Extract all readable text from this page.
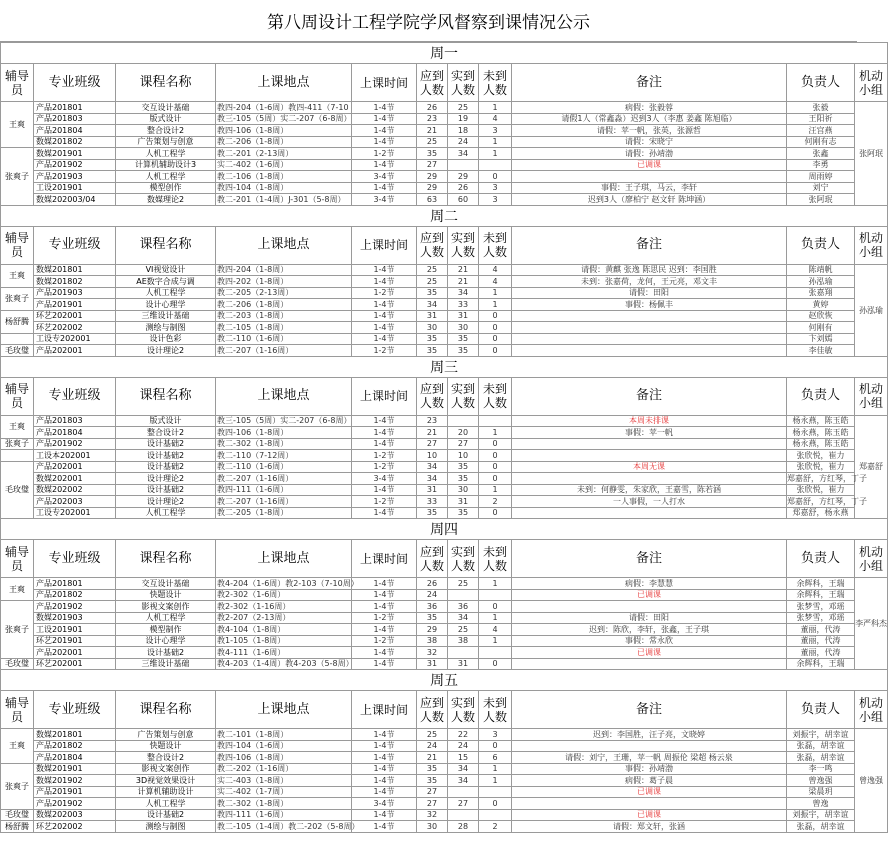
第八周设计工程学院学风督察到课情况公示
周一										
辅导员	专业班级	课程名称	上课地点	上课时间	应到人数	实到人数	未到人数	备注	负责人	机动小组
王爽	产品201801	交互设计基础	教四-204（1-6周）教四-411（7-10	1-4节	26	25	1	病假：张毅蓉	张毅	张阿珉
	产品201803	版式设计	教三-105（5周）实二-207（6-8周）	1-4节	23	19	4	请假1人（常鑫淼）迟到3人（李惠 姜鑫 陈旭临）	王阳祈	
	产品201804	整合设计2	教四-106（1-8周）	1-4节	21	18	3	请假：苹一帆，张英，张源哲	汪宫燕	
	数媒201802	广告策划与创意	教二-206（1-8周）	1-4节	25	24	1	请假：宋晓宁	何刚有志	
张爽子	数媒201901	人机工程学	教二-201（2-13周）	1-2节	35	34	1	请假：孙靖渤	张鑫	
	产品201902	计算机辅助设计3	实二-402（1-6周）	1-4节	27			已调课	李勇	
	产品201903	人机工程学	教二-106（1-8周）	3-4节	29	29	0		周雨婷	
	工设201901	模型创作	教四-104（1-8周）	1-4节	29	26	3	事假：王子琪，马云，李轩	刘宁	
	数媒202003/04	数媒理论2	教二-201（1-4周）J-301（5-8周）	3-4节	63	60	3	迟到3人（廖柏宁 赵文轩 陈坤涵）	张阿珉	
周二										
辅导员	专业班级	课程名称	上课地点	上课时间	应到人数	实到人数	未到人数	备注	负责人	机动小组
王爽	数媒201801	VI视觉设计	教四-204（1-8周）	1-4节	25	21	4	请假：黄麒 张逸 陈思民 迟到：李国胜	陈靖帆	孙泓瑜
	数媒201802	AE数字合成与调	教四-202（1-8周）	1-4节	25	21	4	未到：张嘉荷，龙何，王元亮，邓文丰	孙泓瑜	
张爽子	产品201903	人机工程学	教二-205（2-13周）	1-2节	35	34	1	请假：田阳	张嘉翔	
	产品201901	设计心理学	教二-206（1-8周）	1-4节	34	33	1	事假：杨佩丰	黄婷	
杨舒腾	环艺202001	三维设计基础	教二-203（1-8周）	1-4节	31	31	0		赵欣恢	
	环艺202002	测绘与制图	教二-105（1-8周）	1-4节	30	30	0		何刚有	
	工设专202001	设计色彩	教二-110（1-6周）	1-4节	35	35	0		卞刘嫣	
毛玫璧	产品202001	设计理论2	教二-207（1-16周）	1-2节	35	35	0		李佳敏	
周三										
辅导员	专业班级	课程名称	上课地点	上课时间	应到人数	实到人数	未到人数	备注	负责人	机动小组
王爽	产品201803	版式设计	教三-105（5周）实二-207（6-8周）	1-4节	23			本周未排课	杨永燕，陈玉皓	郑嘉舒
	产品201804	整合设计2	教四-106（1-8周）	1-4节	21	20	1	事假：苹一帆	杨永燕，陈玉皓	
张爽子	产品201902	设计基础2	教二-302（1-8周）	1-4节	27	27	0		杨永燕，陈玉皓	
	工设本202001	设计基础2	教二-110（7-12周）	1-2节	10	10	0		张欣悦，崔力	
毛玫璧	产品202001	设计基础2	教二-110（1-6周）	1-2节	34	35	0	本周无课	张欣悦，崔力	
	数媒202001	设计理论2	教二-207（1-16周）	3-4节	34	35	0		郑嘉舒，方红琴，丁子	
	数媒202002	设计基础2	教四-111（1-6周）	1-4节	31	30	1	未到：何静雯，朱家欣，王嘉雪，陈若涵	张欣悦，崔力	
	产品202003	设计理论2	教二-207（1-16周）	1-2节	33	31	2	一人事假，一人打水	郑嘉舒，方红琴，丁子	
	工设专202001	人机工程学	教二-205（1-8周）	1-4节	35	35	0		郑嘉舒，杨永燕	
周四										
辅导员	专业班级	课程名称	上课地点	上课时间	应到人数	实到人数	未到人数	备注	负责人	机动小组
王爽	产品201801	交互设计基础	教4-204（1-6周）教2-103（7-10周）	1-4节	26	25	1	病假：李慧慧	余辉科，王瑞	李严科杰
	产品201802	快题设计	教2-302（1-6周）	1-4节	24			已调课	余辉科，王瑞	
张爽子	产品201902	影视文案创作	教2-302（1-16周）	1-4节	36	36	0		张梦雪，邓瑶	
	数媒201903	人机工程学	教2-207（2-13周）	1-2节	35	34	1	请假：田阳	张梦雪，邓瑶	
	工设201901	模型制作	教4-104（1-8周）	1-4节	29	25	4	迟到：陈欣，李轩，张鑫，王子琪	董丽，代涛	
	环艺201901	设计心理学	教1-105（1-8周）	1-2节	38	38	1	事假：常永欣	董丽，代涛	
	产品202001	设计基础2	教4-111（1-6周）	1-4节	32			已调课	董丽，代涛	
毛玫璧	环艺202001	三维设计基础	教4-203（1-4周）教4-203（5-8周）	1-4节	31	31	0		余辉科，王瑞	
周五										
辅导员	专业班级	课程名称	上课地点	上课时间	应到人数	实到人数	未到人数	备注	负责人	机动小组
王爽	数媒201801	广告策划与创意	教二-101（1-8周）	1-4节	25	22	3	迟到：李国胜，汪子亮，文晓婷	刘振宇，胡幸谊	曾逸强
	产品201802	快题设计	教四-104（1-6周）	1-4节	24	24	0		张磊，胡幸谊	
	产品201804	整合设计2	教四-106（1-8周）	1-4节	21	15	6	请假：刘宁，王珊，苹一帆 周振伦 梁超 杨云泉	张磊，胡幸谊	
张爽子	数媒201901	影视文案创作	教二-202（1-16周）	1-4节	35	34	1	事假：孙靖渤	李一鸣	
	数媒201902	3D视觉效果设计	实二-403（1-8周）	1-4节	35	34	1	病假：葛子晨	曾逸强	
	产品201901	计算机辅助设计	实二-402（1-7周）	1-4节	27			已调课	梁晨玥	
	产品201902	人机工程学	教二-302（1-8周）	3-4节	27	27	0		曾逸	
毛玫璧	数媒202003	设计基础2	教四-111（1-6周）	1-4节	32			已调课	刘振宇，胡幸谊	
杨舒腾	环艺202002	测绘与制图	教二-105（1-4周）教二-202（5-8周）	1-4节	30	28	2	请假：郑文轩，张涵	张磊，胡幸谊	
